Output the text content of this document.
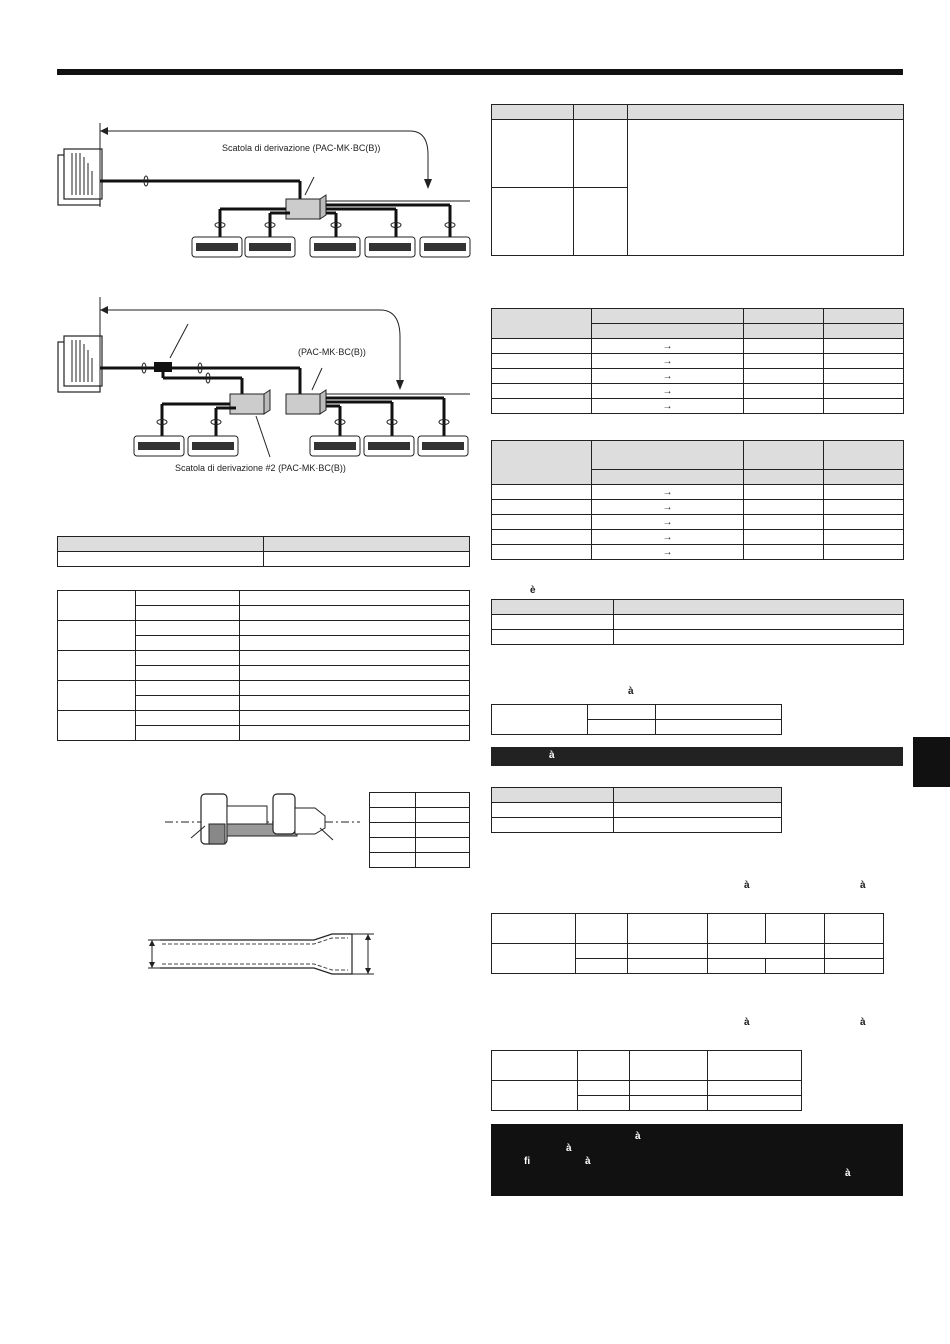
Scatola di derivazione (PAC-MK·BC(B))
(PAC-MK·BC(B))
Scatola di derivazione #2 (PAC-MK·BC(B))

	→		
	→		
	→		
	→		
	→		

	→		
	→		
	→		
	→		
	→		
è

à

à

à	à

à	à

à
à
fi	à
à
